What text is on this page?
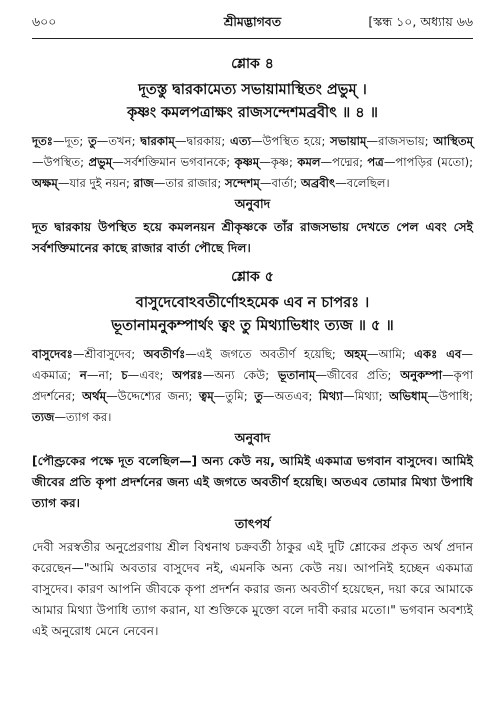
৬০০	শ্রীমদ্ভাগবত	[স্কন্ধ ১০, অধ্যায় ৬৬
শ্লোক ৪
দূতস্তু দ্বারকামেত্য সভায়ামাস্থিতং প্রভুম্ ।
কৃষ্ণং কমলপত্রাক্ষং রাজসন্দেশমব্রবীৎ ॥ ৪ ॥
দূতঃ—দূত; তু—তখন; দ্বারকাম্—দ্বারকায়; এত্য—উপস্থিত হয়ে; সভায়াম্—রাজসভায়; আস্থিতম্—উপস্থিত; প্রভুম্—সর্বশক্তিমান ভগবানকে; কৃষ্ণম্—কৃষ্ণ; কমল—পদ্মের; পত্র—পাপড়ির (মতো); অক্ষম্—যার দুই নয়ন; রাজ—তার রাজার; সন্দেশম্—বার্তা; অব্রবীৎ—বলেছিল।
অনুবাদ
দূত দ্বারকায় উপস্থিত হয়ে কমলনয়ন শ্রীকৃষ্ণকে তাঁর রাজসভায় দেখতে পেল এবং সেই সর্বশক্তিমানের কাছে রাজার বার্তা পৌছে দিল।
শ্লোক ৫
বাসুদেবোঽবতীর্ণোঽহমেক এব ন চাপরঃ ।
ভূতানামনুকম্পার্থং ত্বং তু মিথ্যাভিধাং ত্যজ ॥ ৫ ॥
বাসুদেবঃ—শ্রীবাসুদেব; অবতীর্ণঃ—এই জগতে অবতীর্ণ হয়েছি; অহম্—আমি; একঃ এব—একমাত্র; ন—না; চ—এবং; অপরঃ—অন্য কেউ; ভূতানাম্—জীবের প্রতি; অনুকম্পা—কৃপা প্রদর্শনের; অর্থম্—উদ্দেশ্যের জন্য; ত্বম্—তুমি; তু—অতএব; মিথ্যা—মিথ্যা; অভিধাম্—উপাধি; ত্যজ—ত্যাগ কর।
অনুবাদ
[পৌণ্ড্রকের পক্ষে দূত বলেছিল—] অন্য কেউ নয়, আমিই একমাত্র ভগবান বাসুদেব। আমিই জীবের প্রতি কৃপা প্রদর্শনের জন্য এই জগতে অবতীর্ণ হয়েছি। অতএব তোমার মিথ্যা উপাধি ত্যাগ কর।
তাৎপর্য
দেবী সরস্বতীর অনুপ্রেরণায় শ্রীল বিশ্বনাথ চক্রবর্তী ঠাকুর এই দুটি শ্লোকের প্রকৃত অর্থ প্রদান করেছেন—"আমি অবতার বাসুদেব নই, এমনকি অন্য কেউ নয়। আপনিই হচ্ছেন একমাত্র বাসুদেব। কারণ আপনি জীবকে কৃপা প্রদর্শন করার জন্য অবতীর্ণ হয়েছেন, দয়া করে আমাকে আমার মিথ্যা উপাধি ত্যাগ করান, যা শুক্তিকে মুক্তো বলে দাবী করার মতো।" ভগবান অবশ্যই এই অনুরোধ মেনে নেবেন।
